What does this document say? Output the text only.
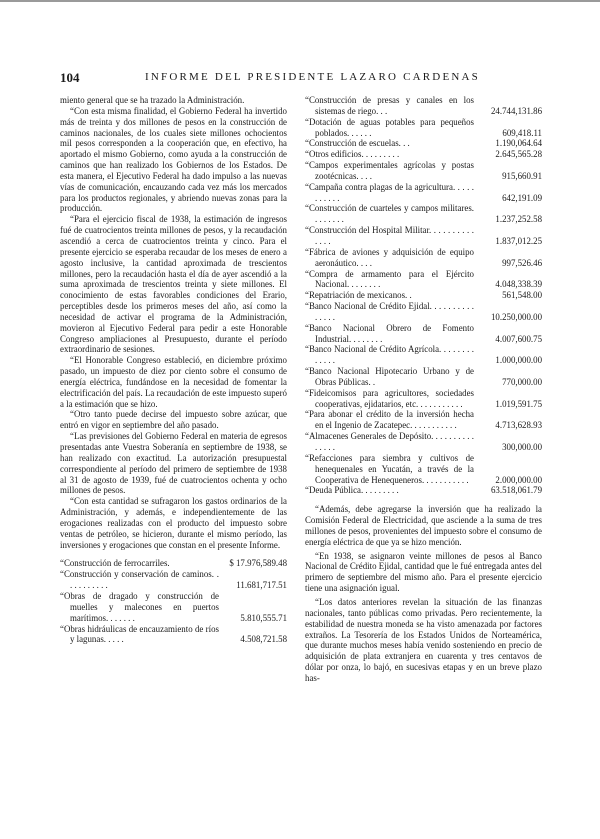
104	INFORME DEL PRESIDENTE LAZARO CARDENAS

miento general que se ha trazado la Administración.

“Con esta misma finalidad, el Gobierno Federal ha invertido más de treinta y dos millones de pesos en la construcción de caminos nacionales, de los cuales siete millones ochocientos mil pesos corresponden a la cooperación que, en efectivo, ha aportado el mismo Gobierno, como ayuda a la construcción de caminos que han realizado los Gobiernos de los Estados. De esta manera, el Ejecutivo Federal ha dado impulso a las nuevas vías de comunicación, encauzando cada vez más los mercados para los productos regionales, y abriendo nuevas zonas para la producción.

“Para el ejercicio fiscal de 1938, la estimación de ingresos fué de cuatrocientos treinta millones de pesos, y la recaudación ascendió a cerca de cuatrocientos treinta y cinco. Para el presente ejercicio se esperaba recaudar de los meses de enero a agosto inclusive, la cantidad aproximada de trescientos millones, pero la recaudación hasta el día de ayer ascendió a la suma aproximada de trescientos treinta y siete millones. El conocimiento de estas favorables condiciones del Erario, perceptibles desde los primeros meses del año, así como la necesidad de activar el programa de la Administración, movieron al Ejecutivo Federal para pedir a este Honorable Congreso ampliaciones al Presupuesto, durante el período extraordinario de sesiones.

“El Honorable Congreso estableció, en diciembre próximo pasado, un impuesto de diez por ciento sobre el consumo de energía eléctrica, fundándose en la necesidad de fomentar la electrificación del país. La recaudación de este impuesto superó a la estimación que se hizo.

“Otro tanto puede decirse del impuesto sobre azúcar, que entró en vigor en septiembre del año pasado.

“Las previsiones del Gobierno Federal en materia de egresos presentadas ante Vuestra Soberanía en septiembre de 1938, se han realizado con exactitud. La autorización presupuestal correspondiente al período del primero de septiembre de 1938 al 31 de agosto de 1939, fué de cuatrocientos ochenta y ocho millones de pesos.

“Con esta cantidad se sufragaron los gastos ordinarios de la Administración, y además, e independientemente de las erogaciones realizadas con el producto del impuesto sobre ventas de petróleo, se hicieron, durante el mismo período, las inversiones y erogaciones que constan en el presente Informe.

“Construcción de ferrocarriles.	$ 17.976,589.48
“Construcción y conservación de caminos. . . . . . . . . . .	11.681,717.51
“Obras de dragado y construcción de muelles y malecones en puertos marítimos. . . . . . .	5.810,555.71
“Obras hidráulicas de encauzamiento de ríos y lagunas. . . . .	4.508,721.58
“Construcción de presas y canales en los sistemas de riego. . .	24.744,131.86
“Dotación de aguas potables para pequeños poblados. . . . . .	609,418.11
“Construcción de escuelas. . .	1.190,064.64
“Otros edificios. . . . . . . . .	2.645,565.28
“Campos experimentales agrícolas y postas zootécnicas. . . .	915,660.91
“Campaña contra plagas de la agricultura. . . . . . . . . . .	642,191.09
“Construcción de cuarteles y campos militares. . . . . . . .	1.237,252.58
“Construcción del Hospital Militar. . . . . . . . . . . . . .	1.837,012.25
“Fábrica de aviones y adquisición de equipo aeronáutico. . . .	997,526.46
“Compra de armamento para el Ejército Nacional. . . . . . . .	4.048,338.39
“Repatriación de mexicanos. .	561,548.00
“Banco Nacional de Crédito Ejidal. . . . . . . . . . . . . . .	10.250,000.00
“Banco Nacional Obrero de Fomento Industrial. . . . . . . .	4.007,600.75
“Banco Nacional de Crédito Agrícola. . . . . . . . . . . . .	1.000,000.00
“Banco Nacional Hipotecario Urbano y de Obras Públicas. .	770,000.00
“Fideicomisos para agricultores, sociedades cooperativas, ejidatarios, etc. . . . . . . . . . .	1.019,591.75
“Para abonar el crédito de la inversión hecha en el Ingenio de Zacatepec. . . . . . . . . . .	4.713,628.93
“Almacenes Generales de Depósito. . . . . . . . . . . . . . .	300,000.00
“Refacciones para siembra y cultivos de henequenales en Yucatán, a través de la Cooperativa de Henequeneros. . . . . . . . . . .	2.000,000.00
“Deuda Pública. . . . . . . . .	63.518,061.79

“Además, debe agregarse la inversión que ha realizado la Comisión Federal de Electricidad, que asciende a la suma de tres millones de pesos, provenientes del impuesto sobre el consumo de energía eléctrica de que ya se hizo mención.

“En 1938, se asignaron veinte millones de pesos al Banco Nacional de Crédito Ejidal, cantidad que le fué entregada antes del primero de septiembre del mismo año. Para el presente ejercicio tiene una asignación igual.

“Los datos anteriores revelan la situación de las finanzas nacionales, tanto públicas como privadas. Pero recientemente, la estabilidad de nuestra moneda se ha visto amenazada por factores extraños. La Tesorería de los Estados Unidos de Norteamérica, que durante muchos meses había venido sosteniendo en precio de adquisición de plata extranjera en cuarenta y tres centavos de dólar por onza, lo bajó, en sucesivas etapas y en un breve plazo has-
